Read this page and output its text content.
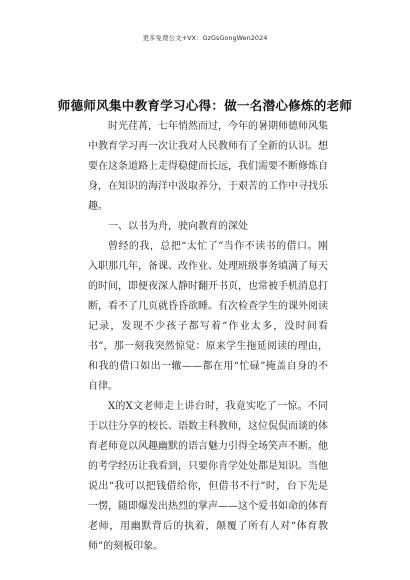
更多免费公文+VX：GzGsGongWen2024
师德师风集中教育学习心得：做一名潜心修炼的老师

时光荏苒，七年悄然而过，今年的暑期师德师风集中教育学习再一次让我对人民教师有了全新的认识。想要在这条道路上走得稳健而长远，我们需要不断修炼自身，在知识的海洋中汲取养分，于艰苦的工作中寻找乐趣。

一、以书为舟，驶向教育的深处

曾经的我，总把“太忙了”当作不读书的借口。刚入职那几年，备课、改作业、处理班级事务填满了每天的时间，即便夜深人静时翻开书页，也常被手机消息打断，看不了几页就昏昏欲睡。有次检查学生的课外阅读记录，发现不少孩子都写着“作业太多，没时间看书”，那一刻我突然惊觉：原来学生拖延阅读的理由，和我的借口如出一辙——都在用“忙碌”掩盖自身的不自律。

X的X文老师走上讲台时，我竟实吃了一惊。不同于以往分享的校长、语数主科教师，这位侃侃而谈的体育老师竟以风趣幽默的语言魅力引得全场笑声不断。他的考学经历让我看到，只要你肯学处处都是知识。当他说出“我可以把钱借给你，但借书不行”时，台下先是一愣，随即爆发出热烈的掌声——这个爱书如命的体育老师，用幽默背后的执着，颠覆了所有人对“体育教师”的刻板印象。
